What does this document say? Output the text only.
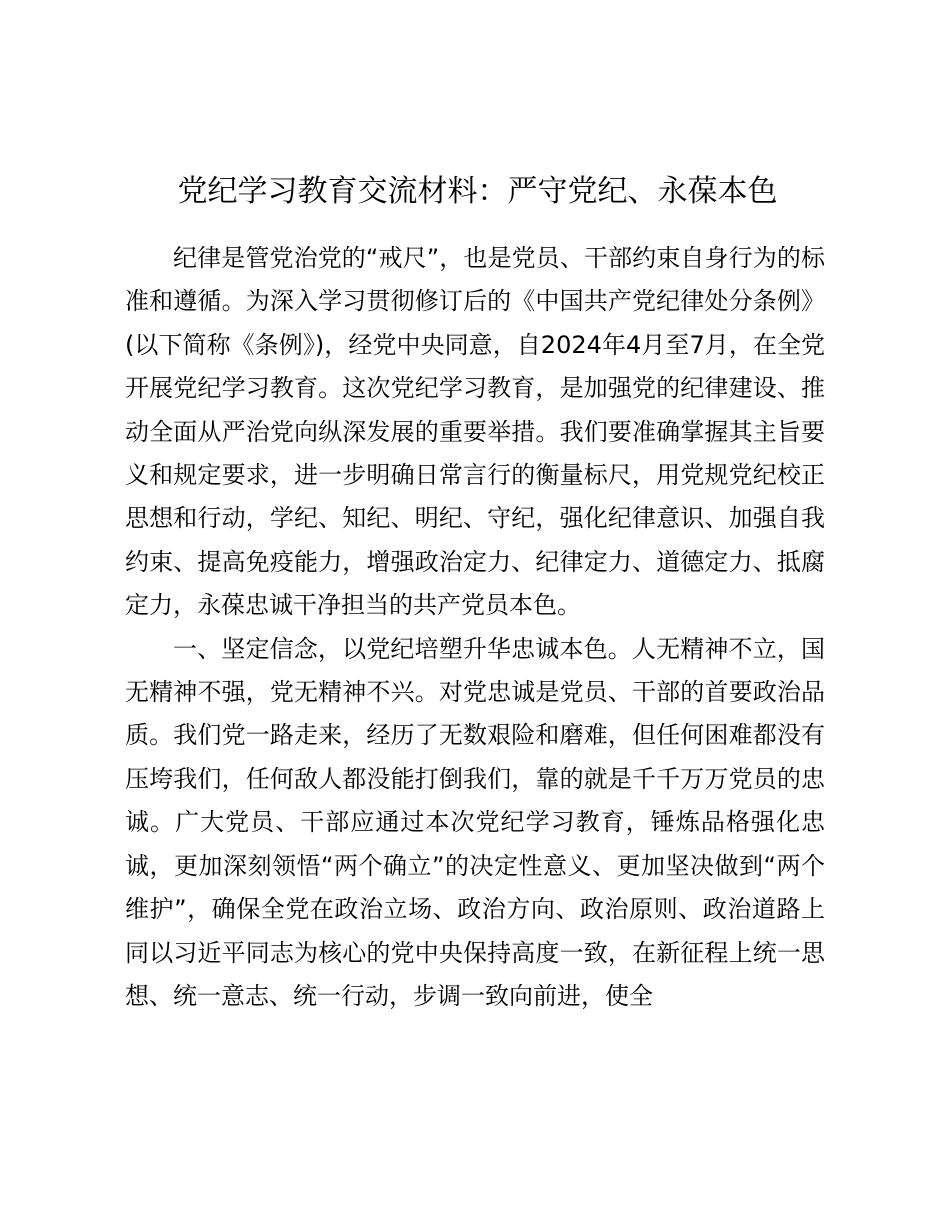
党纪学习教育交流材料：严守党纪、永葆本色

纪律是管党治党的“戒尺”，也是党员、干部约束自身行为的标准和遵循。为深入学习贯彻修订后的《中国共产党纪律处分条例》(以下简称《条例》)，经党中央同意，自2024年4月至7月，在全党开展党纪学习教育。这次党纪学习教育，是加强党的纪律建设、推动全面从严治党向纵深发展的重要举措。我们要准确掌握其主旨要义和规定要求，进一步明确日常言行的衡量标尺，用党规党纪校正思想和行动，学纪、知纪、明纪、守纪，强化纪律意识、加强自我约束、提高免疫能力，增强政治定力、纪律定力、道德定力、抵腐定力，永葆忠诚干净担当的共产党员本色。

一、坚定信念，以党纪培塑升华忠诚本色。人无精神不立，国无精神不强，党无精神不兴。对党忠诚是党员、干部的首要政治品质。我们党一路走来，经历了无数艰险和磨难，但任何困难都没有压垮我们，任何敌人都没能打倒我们，靠的就是千千万万党员的忠诚。广大党员、干部应通过本次党纪学习教育，锤炼品格强化忠诚，更加深刻领悟“两个确立”的决定性意义、更加坚决做到“两个维护”，确保全党在政治立场、政治方向、政治原则、政治道路上同以习近平同志为核心的党中央保持高度一致，在新征程上统一思想、统一意志、统一行动，步调一致向前进，使全
